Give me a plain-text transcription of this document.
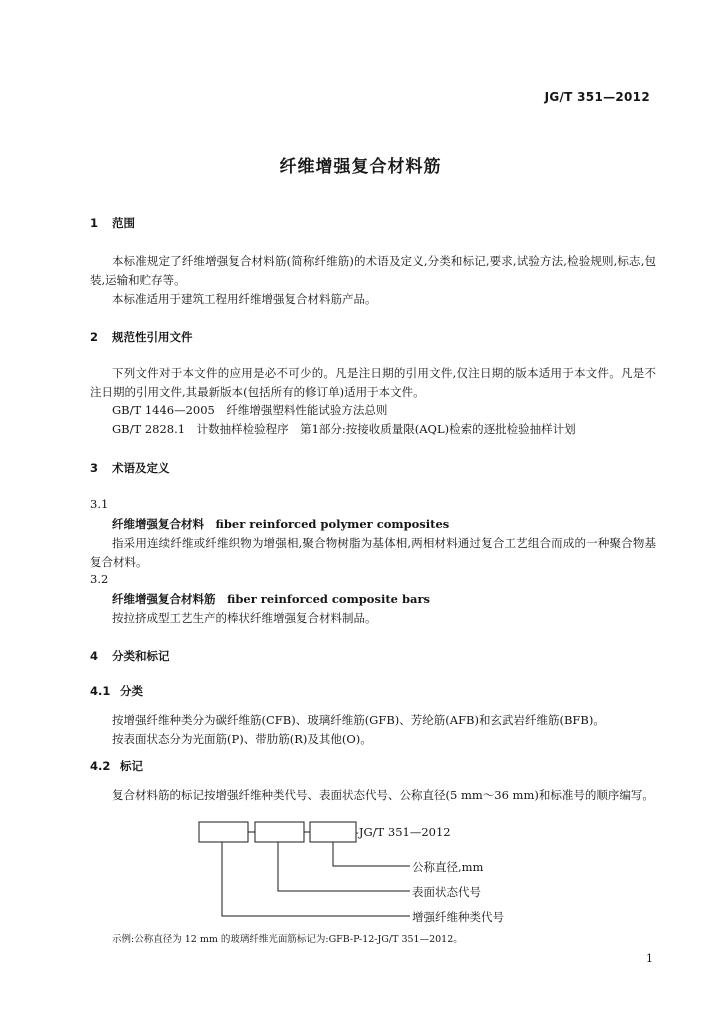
JG/T 351—2012
纤维增强复合材料筋
1 范围
本标准规定了纤维增强复合材料筋(简称纤维筋)的术语及定义,分类和标记,要求,试验方法,检验规则,标志,包装,运输和贮存等。
本标准适用于建筑工程用纤维增强复合材料筋产品。
2 规范性引用文件
下列文件对于本文件的应用是必不可少的。凡是注日期的引用文件,仅注日期的版本适用于本文件。凡是不注日期的引用文件,其最新版本(包括所有的修订单)适用于本文件。
GB/T 1446—2005　纤维增强塑料性能试验方法总则
GB/T 2828.1　计数抽样检验程序　第1部分:按接收质量限(AQL)检索的逐批检验抽样计划
3 术语及定义
3.1
纤维增强复合材料　fiber reinforced polymer composites
指采用连续纤维或纤维织物为增强相,聚合物树脂为基体相,两相材料通过复合工艺组合而成的一种聚合物基复合材料。
3.2
纤维增强复合材料筋　fiber reinforced composite bars
按拉挤成型工艺生产的棒状纤维增强复合材料制品。
4 分类和标记
4.1 分类
按增强纤维种类分为碳纤维筋(CFB)、玻璃纤维筋(GFB)、芳纶筋(AFB)和玄武岩纤维筋(BFB)。
按表面状态分为光面筋(P)、带肋筋(R)及其他(O)。
4.2 标记
复合材料筋的标记按增强纤维种类代号、表面状态代号、公称直径(5 mm～36 mm)和标准号的顺序编写。
-JG/T 351—2012
公称直径,mm
表面状态代号
增强纤维种类代号
示例:公称直径为 12 mm 的玻璃纤维光面筋标记为:GFB-P-12-JG/T 351—2012。
1
